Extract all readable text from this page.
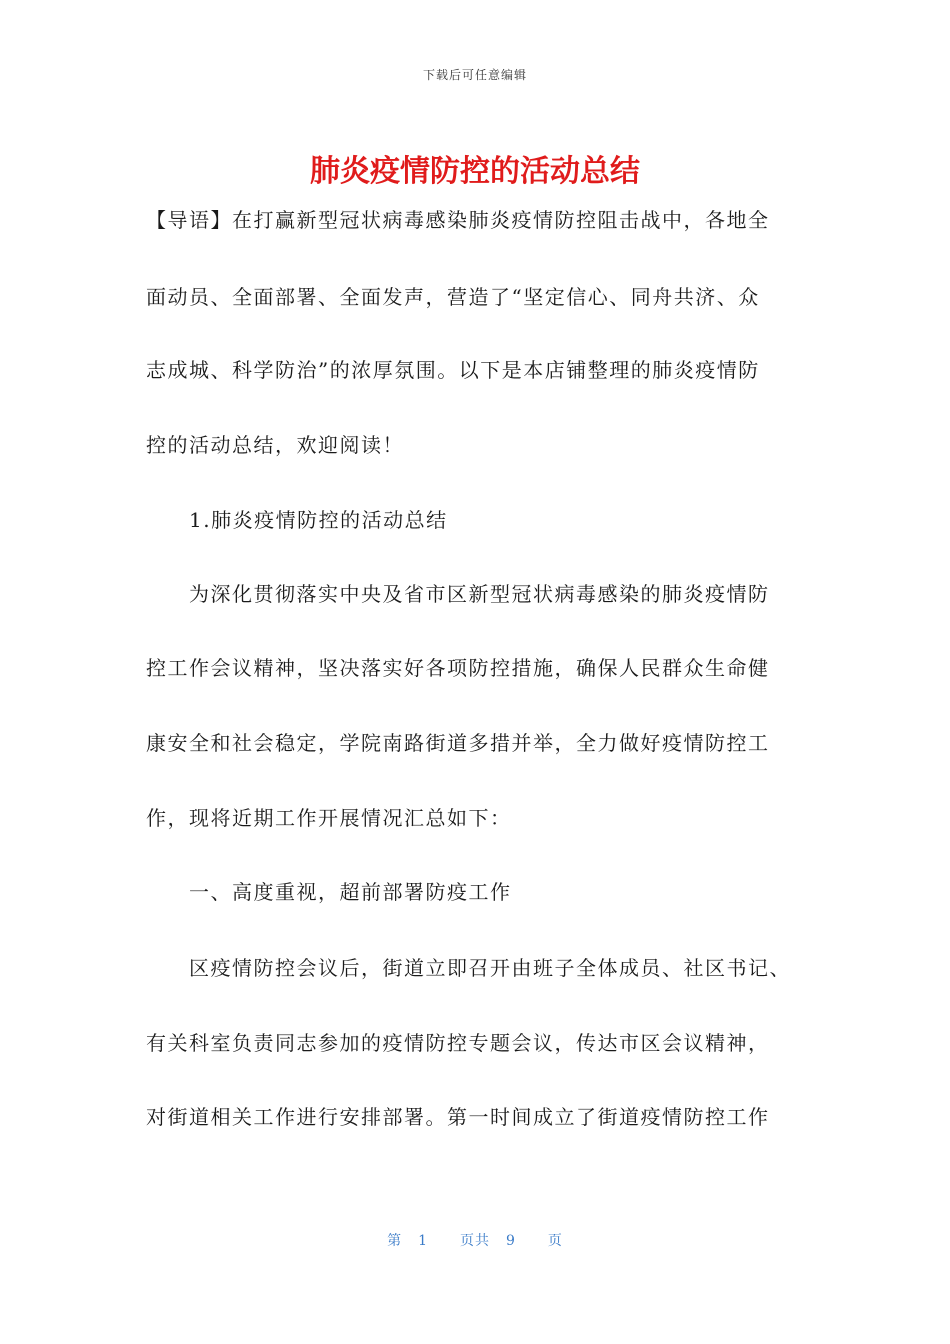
下载后可任意编辑
肺炎疫情防控的活动总结
【导语】在打赢新型冠状病毒感染肺炎疫情防控阻击战中，各地全
面动员、全面部署、全面发声，营造了“坚定信心、同舟共济、众
志成城、科学防治”的浓厚氛围。以下是本店铺整理的肺炎疫情防
控的活动总结，欢迎阅读！
　　1.肺炎疫情防控的活动总结
　　为深化贯彻落实中央及省市区新型冠状病毒感染的肺炎疫情防
控工作会议精神，坚决落实好各项防控措施，确保人民群众生命健
康安全和社会稳定，学院南路街道多措并举，全力做好疫情防控工
作，现将近期工作开展情况汇总如下：
　　一、高度重视，超前部署防疫工作
　　区疫情防控会议后，街道立即召开由班子全体成员、社区书记、
有关科室负责同志参加的疫情防控专题会议，传达市区会议精神，
对街道相关工作进行安排部署。第一时间成立了街道疫情防控工作
第 1 页共 9 页
